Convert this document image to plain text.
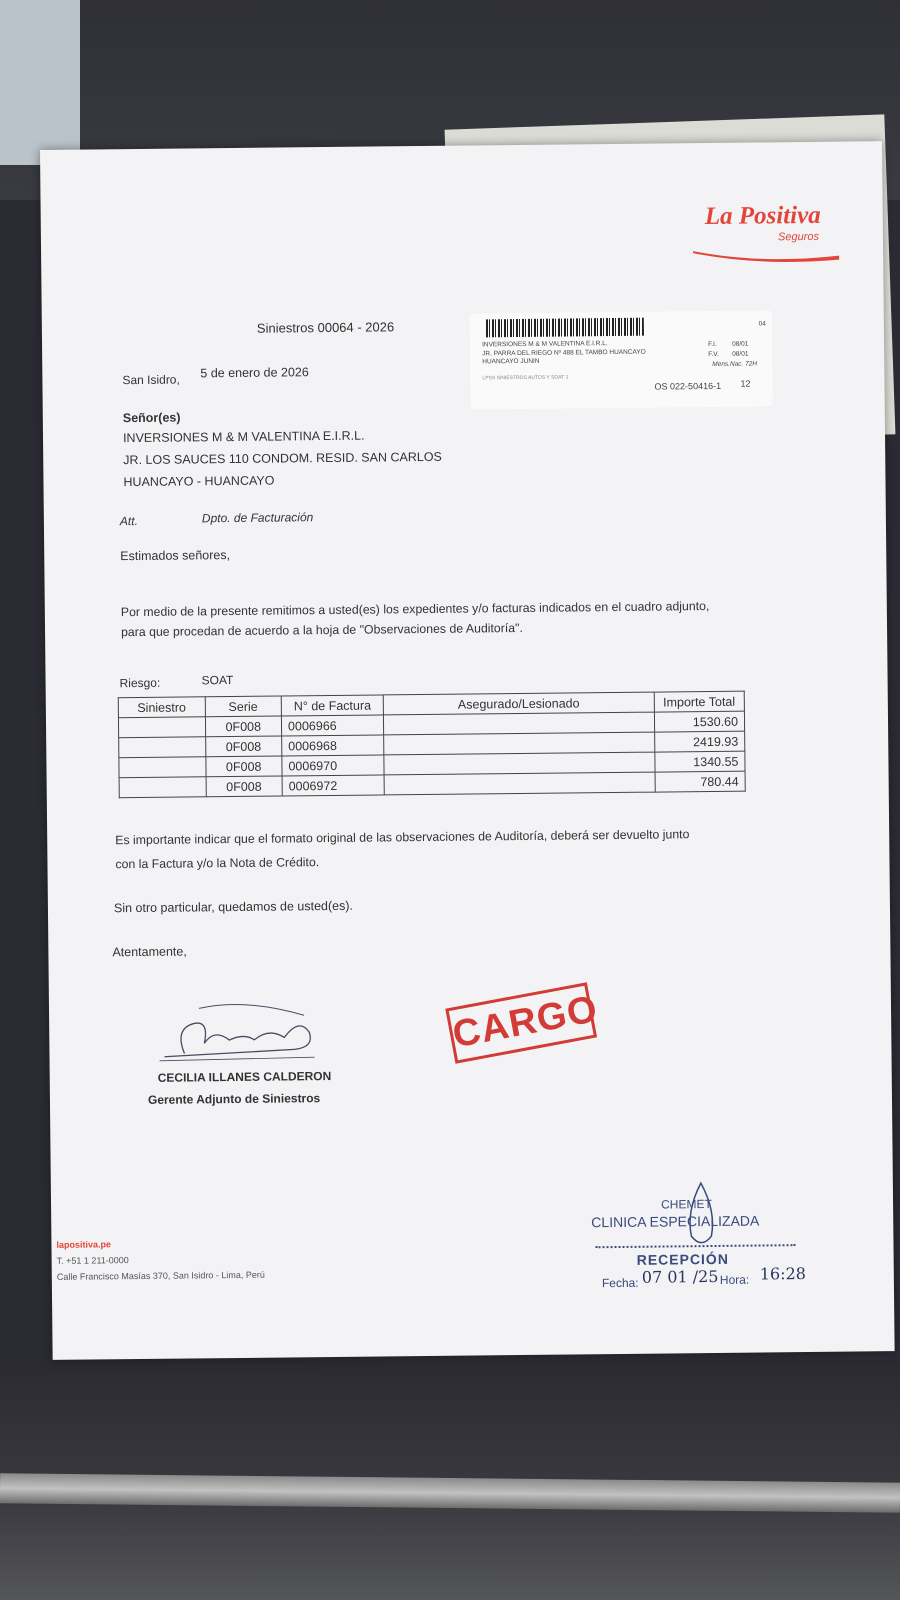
La Positiva
Seguros
Siniestros 00064 - 2026	04
INVERSIONES M & M VALENTINA E.I.R.L.
JR. PARRA DEL RIEGO Nº 488 EL TAMBO HUANCAYO
HUANCAYO JUNIN
LPSS SINIESTROS AUTOS Y SOAT 1
F.I. 08/01
F.V. 08/01
Mens.Nac. 72H
OS 022-50416-1 12
San Isidro, 5 de enero de 2026
Señor(es)
INVERSIONES M & M VALENTINA E.I.R.L.
JR. LOS SAUCES 110 CONDOM. RESID. SAN CARLOS
HUANCAYO - HUANCAYO
Att.	Dpto. de Facturación
Estimados señores,
Por medio de la presente remitimos a usted(es) los expedientes y/o facturas indicados en el cuadro adjunto,
para que procedan de acuerdo a la hoja de "Observaciones de Auditoría".
Riesgo:	SOAT
Siniestro	Serie	N° de Factura	Asegurado/Lesionado	Importe Total
	0F008	0006966		1530.60
	0F008	0006968		2419.93
	0F008	0006970		1340.55
	0F008	0006972		780.44
Es importante indicar que el formato original de las observaciones de Auditoría, deberá ser devuelto junto
con la Factura y/o la Nota de Crédito.
Sin otro particular, quedamos de usted(es).
Atentamente,
CECILIA ILLANES CALDERON
Gerente Adjunto de Siniestros
CARGO
lapositiva.pe
T. +51 1 211-0000
Calle Francisco Masías 370, San Isidro - Lima, Perú
CHEMET
CLINICA ESPECIALIZADA
RECEPCIÓN
Fecha: 07 01 /25 Hora: 16:28
